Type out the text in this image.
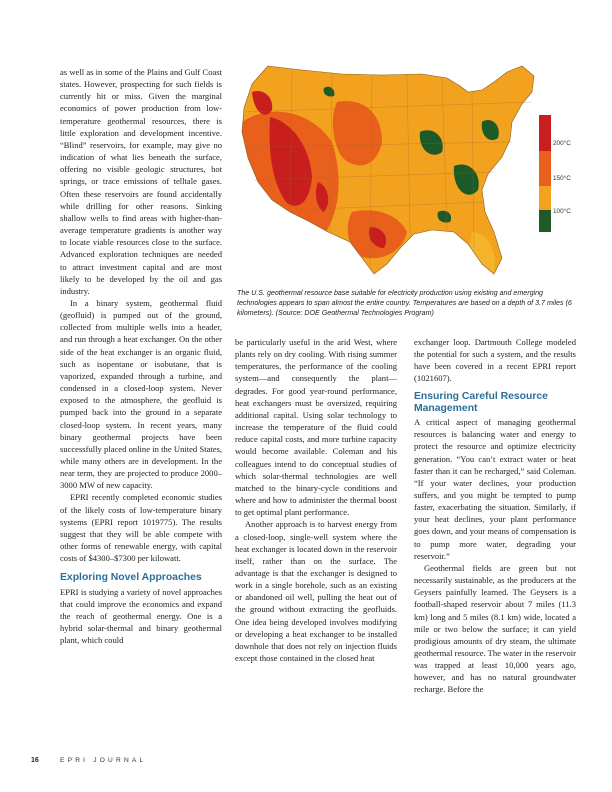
as well as in some of the Plains and Gulf Coast states. However, prospecting for such fields is currently hit or miss. Given the marginal economics of power production from low-temperature geothermal resources, there is little exploration and development incentive. “Blind” reservoirs, for example, may give no indication of what lies beneath the surface, offering no visible geologic structures, hot springs, or trace emissions of telltale gases. Often these reservoirs are found accidentally while drilling for other reasons. Sinking shallow wells to find areas with higher-than-average temperature gradients is another way to locate viable resources close to the surface. Advanced exploration techniques are needed to attract investment capital and are most likely to be developed by the oil and gas industry.

In a binary system, geothermal fluid (geofluid) is pumped out of the ground, collected from multiple wells into a header, and run through a heat exchanger. On the other side of the heat exchanger is an organic fluid, such as isopentane or isobutane, that is vaporized, expanded through a turbine, and condensed in a closed-loop system. Never exposed to the atmosphere, the geofluid is pumped back into the ground in a separate closed-loop system. In recent years, many binary geothermal projects have been successfully placed online in the United States, while many others are in development. In the near term, they are projected to produce 2000–3000 MW of new capacity.

EPRI recently completed economic studies of the likely costs of low-temperature binary systems (EPRI report 1019775). The results suggest that they will be able compete with other forms of renewable energy, with capital costs of $4300–$7300 per kilowatt.

Exploring Novel Approaches

EPRI is studying a variety of novel approaches that could improve the economics and expand the reach of geothermal energy. One is a hybrid solar-thermal and binary geothermal plant, which could

200°C
150°C
100°C
The U.S. geothermal resource base suitable for electricity production using existing and emerging technologies appears to span almost the entire country. Temperatures are based on a depth of 3.7 miles (6 kilometers). (Source: DOE Geothermal Technologies Program)

be particularly useful in the arid West, where plants rely on dry cooling. With rising summer temperatures, the performance of the cooling system—and consequently the plant—degrades. For good year-round performance, heat exchangers must be oversized, requiring additional capital. Using solar technology to increase the temperature of the fluid could reduce capital costs, and more turbine capacity would become available. Coleman and his colleagues intend to do conceptual studies of which solar-thermal technologies are well matched to the binary-cycle conditions and where and how to administer the thermal boost to get optimal plant performance.

Another approach is to harvest energy from a closed-loop, single-well system where the heat exchanger is located down in the reservoir itself, rather than on the surface. The advantage is that the exchanger is designed to work in a single borehole, such as an existing or abandoned oil well, pulling the heat out of the ground without extracting the geofluids. One idea being developed involves modifying or developing a heat exchanger to be installed downhole that does not rely on injection fluids except those contained in the closed heat

exchanger loop. Dartmouth College modeled the potential for such a system, and the results have been covered in a recent EPRI report (1021607).

Ensuring Careful Resource Management

A critical aspect of managing geothermal resources is balancing water and energy to protect the resource and optimize electricity generation. “You can’t extract water or heat faster than it can be recharged,” said Coleman. “If your water declines, your production suffers, and you might be tempted to pump faster, exacerbating the situation. Similarly, if your heat declines, your plant performance goes down, and your means of compensation is to pump more water, degrading your reservoir.”

Geothermal fields are green but not necessarily sustainable, as the producers at the Geysers painfully learned. The Geysers is a football-shaped reservoir about 7 miles (11.3 km) long and 5 miles (8.1 km) wide, located a mile or two below the surface; it can yield prodigious amounts of dry steam, the ultimate geothermal resource. The water in the reservoir was trapped at least 10,000 years ago, however, and has no natural groundwater recharge. Before the

16	EPRI JOURNAL
